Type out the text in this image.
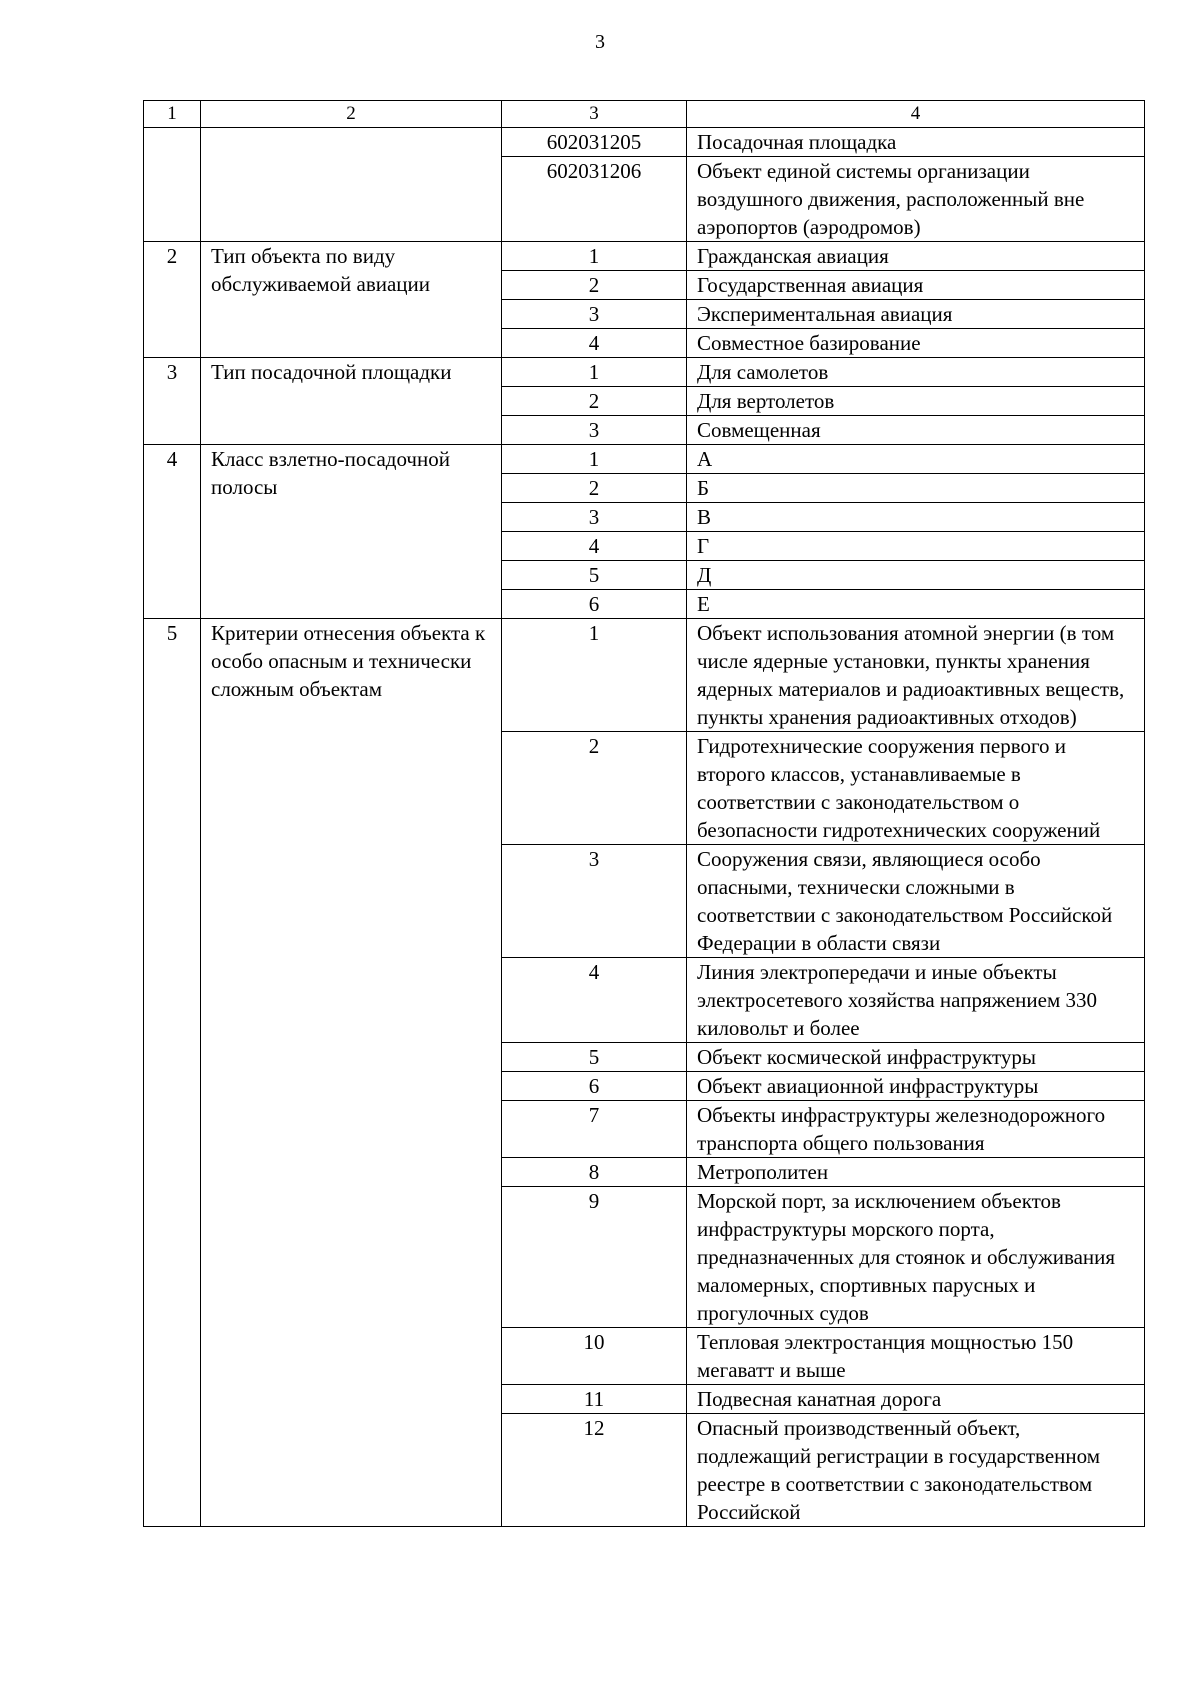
3
1	2	3	4
		602031205	Посадочная площадка
		602031206	Объект единой системы организации воздушного движения, расположенный вне аэропортов (аэродромов)
2	Тип объекта по виду обслуживаемой авиации	1	Гражданская авиация
		2	Государственная авиация
		3	Экспериментальная авиация
		4	Совместное базирование
3	Тип посадочной площадки	1	Для самолетов
		2	Для вертолетов
		3	Совмещенная
4	Класс взлетно-посадочной полосы	1	А
		2	Б
		3	В
		4	Г
		5	Д
		6	Е
5	Критерии отнесения объекта к особо опасным и технически сложным объектам	1	Объект использования атомной энергии (в том числе ядерные установки, пункты хранения ядерных материалов и радиоактивных веществ, пункты хранения радиоактивных отходов)
		2	Гидротехнические сооружения первого и второго классов, устанавливаемые в соответствии с законодательством о безопасности гидротехнических сооружений
		3	Сооружения связи, являющиеся особо опасными, технически сложными в соответствии с законодательством Российской Федерации в области связи
		4	Линия электропередачи и иные объекты электросетевого хозяйства напряжением 330 киловольт и более
		5	Объект космической инфраструктуры
		6	Объект авиационной инфраструктуры
		7	Объекты инфраструктуры железнодорожного транспорта общего пользования
		8	Метрополитен
		9	Морской порт, за исключением объектов инфраструктуры морского порта, предназначенных для стоянок и обслуживания маломерных, спортивных парусных и прогулочных судов
		10	Тепловая электростанция мощностью 150 мегаватт и выше
		11	Подвесная канатная дорога
		12	Опасный производственный объект, подлежащий регистрации в государственном реестре в соответствии с законодательством Российской
